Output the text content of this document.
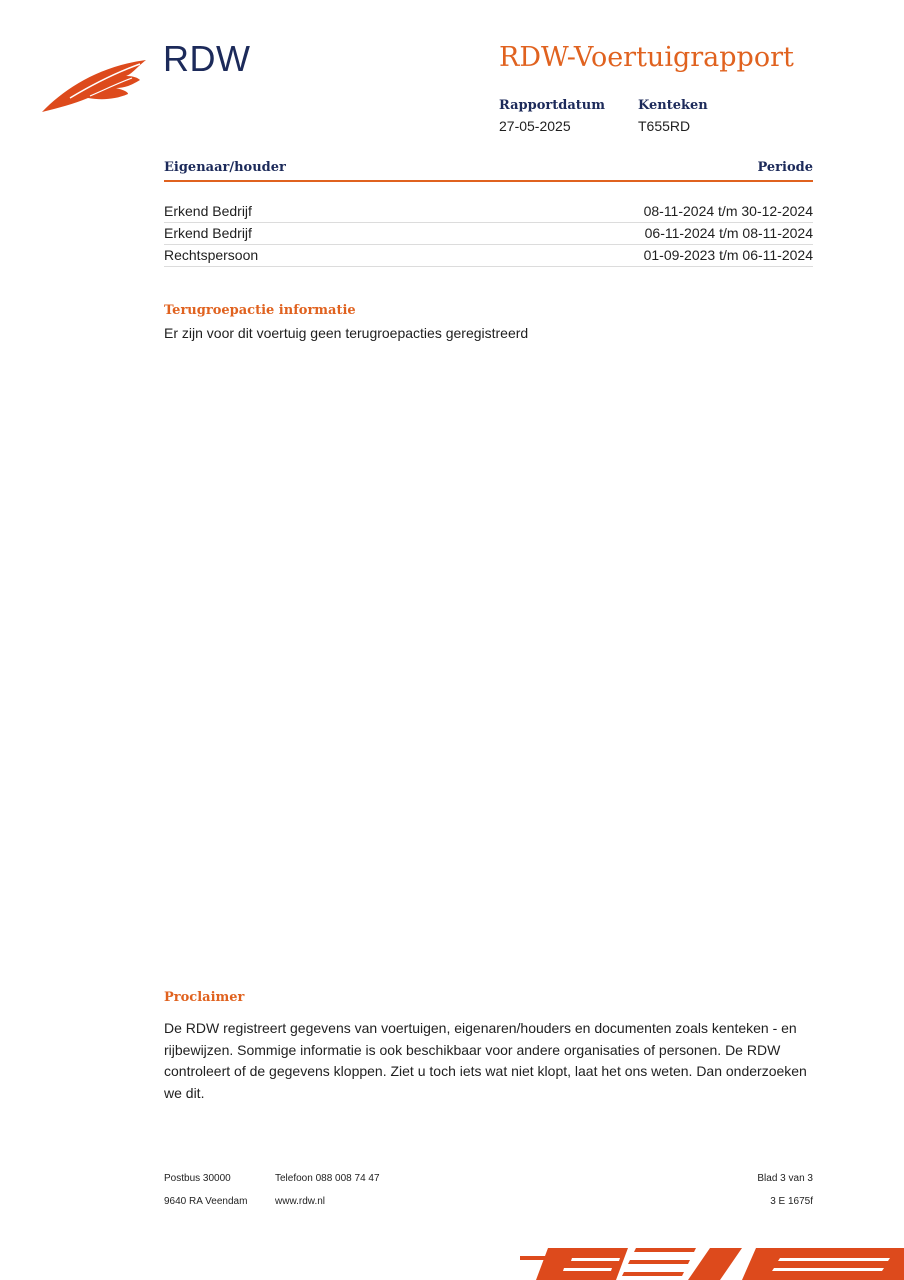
RDW	RDW-Voertuigrapport
Rapportdatum
27-05-2025
Kenteken
T655RD
Eigenaar/houder	Periode
Erkend Bedrijf	08-11-2024 t/m 30-12-2024
Erkend Bedrijf	06-11-2024 t/m 08-11-2024
Rechtspersoon	01-09-2023 t/m 06-11-2024
Terugroepactie informatie
Er zijn voor dit voertuig geen terugroepacties geregistreerd
Proclaimer
De RDW registreert gegevens van voertuigen, eigenaren/houders en documenten zoals kenteken - en rijbewijzen. Sommige informatie is ook beschikbaar voor andere organisaties of personen. De RDW controleert of de gegevens kloppen. Ziet u toch iets wat niet klopt, laat het ons weten. Dan onderzoeken we dit.
Postbus 30000
9640 RA Veendam
Telefoon 088 008 74 47
www.rdw.nl
Blad 3 van 3
3 E 1675f
